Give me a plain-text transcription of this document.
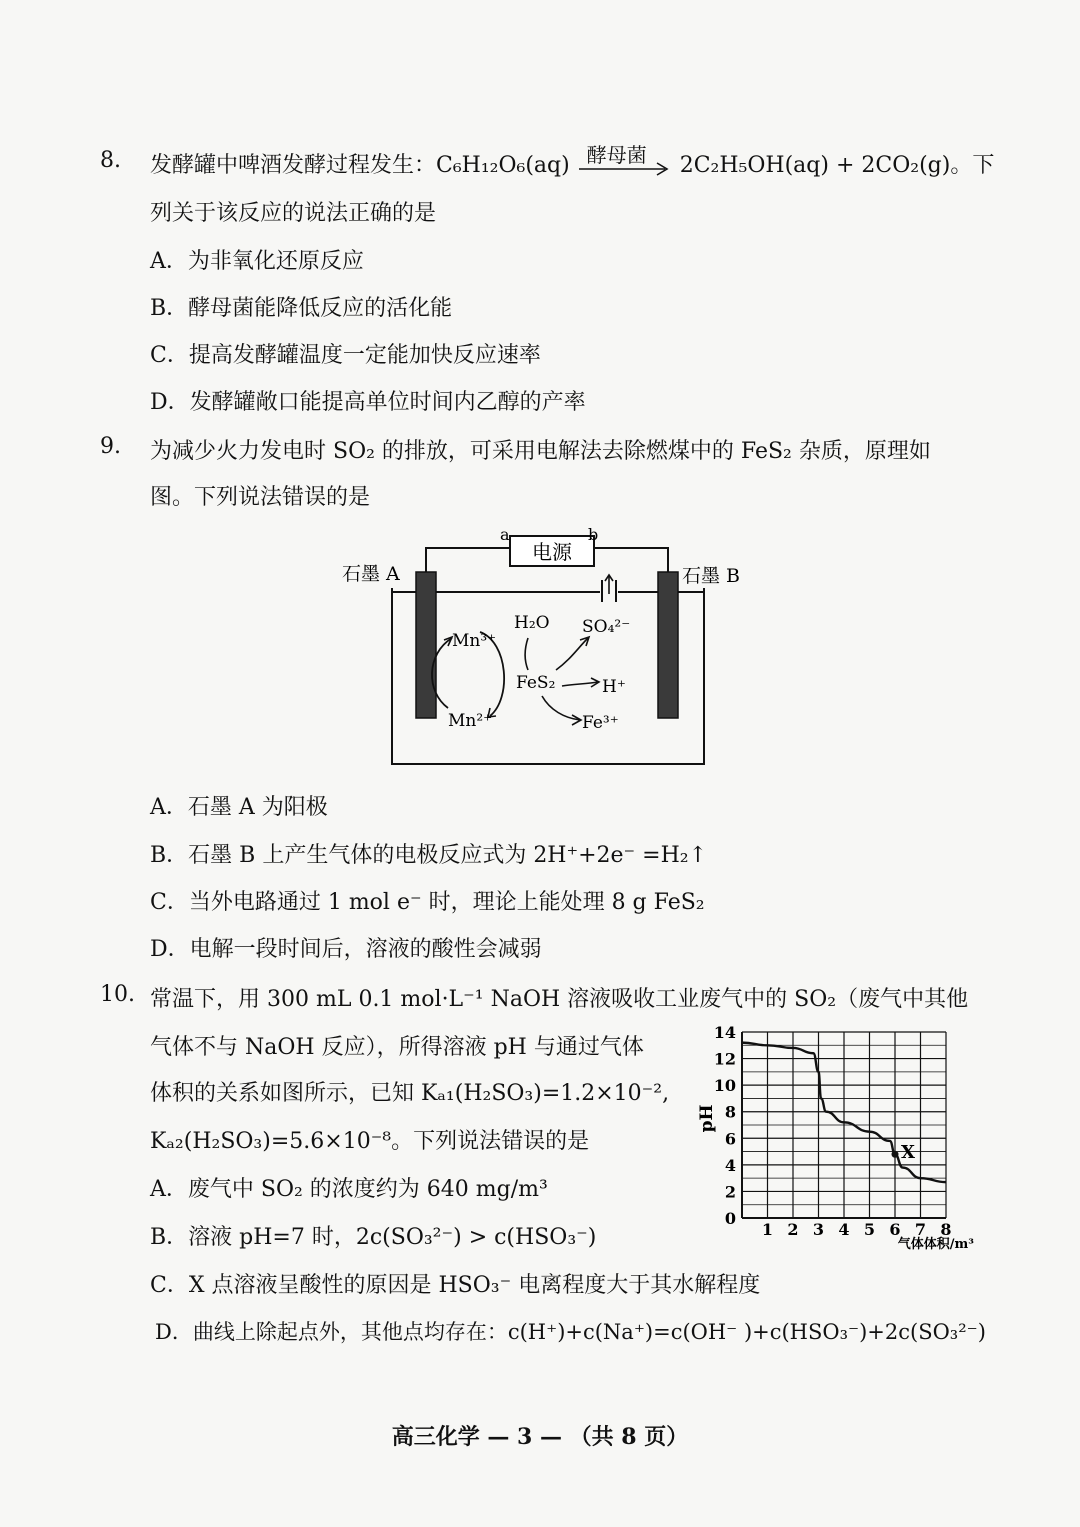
8. 发酵罐中啤酒发酵过程发生：C₆H₁₂O₆(aq) 酵母菌 2C₂H₅OH(aq) + 2CO₂(g)。下
列关于该反应的说法正确的是
A．为非氧化还原反应
B．酵母菌能降低反应的活化能
C．提高发酵罐温度一定能加快反应速率
D．发酵罐敞口能提高单位时间内乙醇的产率
9. 为减少火力发电时 SO₂ 的排放，可采用电解法去除燃煤中的 FeS₂ 杂质，原理如
图。下列说法错误的是
电源
a	b
石墨 A	石墨 B
Mn³⁺
Mn²⁺
H₂O SO₄²⁻
FeS₂	H⁺
Fe³⁺
A．石墨 A 为阳极
B．石墨 B 上产生气体的电极反应式为 2H⁺+2e⁻ =H₂↑
C．当外电路通过 1 mol e⁻ 时，理论上能处理 8 g FeS₂
D．电解一段时间后，溶液的酸性会减弱
10. 常温下，用 300 mL 0.1 mol·L⁻¹ NaOH 溶液吸收工业废气中的 SO₂（废气中其他
气体不与 NaOH 反应），所得溶液 pH 与通过气体
体积的关系如图所示，已知 Kₐ₁(H₂SO₃)=1.2×10⁻²,
Kₐ₂(H₂SO₃)=5.6×10⁻⁸。下列说法错误的是
A．废气中 SO₂ 的浓度约为 640 mg/m³
B．溶液 pH=7 时，2c(SO₃²⁻) > c(HSO₃⁻)
C．X 点溶液呈酸性的原因是 HSO₃⁻ 电离程度大于其水解程度
D．曲线上除起点外，其他点均存在：c(H⁺)+c(Na⁺)=c(OH⁻ )+c(HSO₃⁻)+2c(SO₃²⁻)
0
2
4
6
8
10
12
14
1 2 3 4 5 6 7 8
X
pH
气体体积/m³
高三化学 — 3 — （共 8 页）
